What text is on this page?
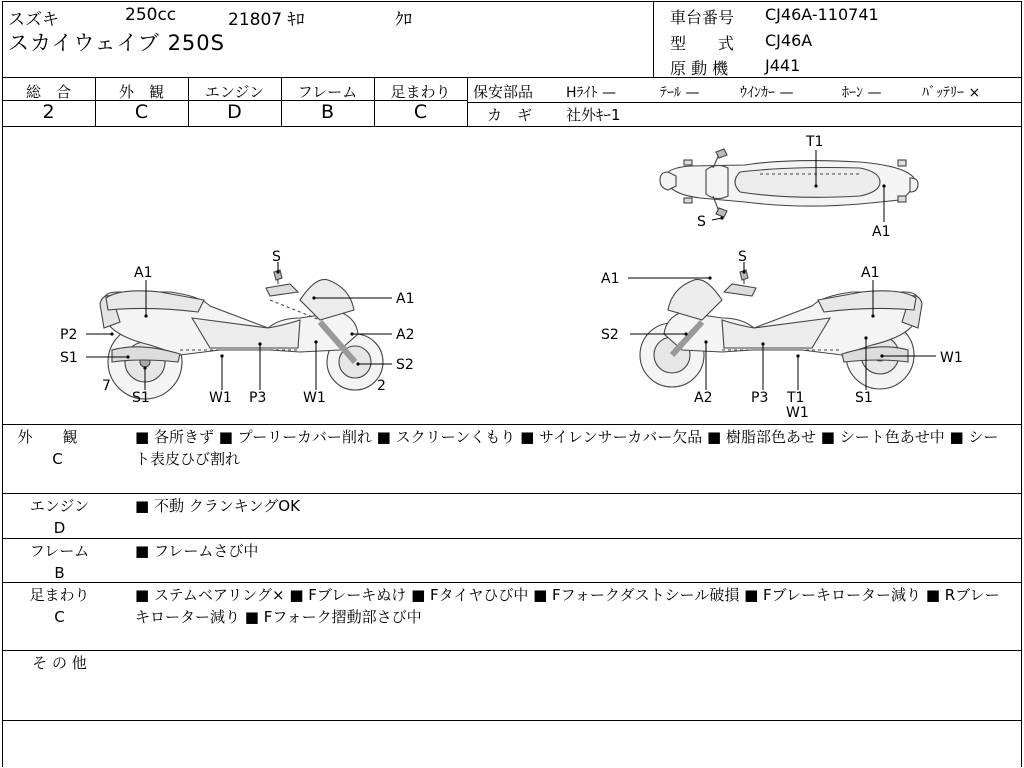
スズキ	250cc	21807 ｷﾛ	ｸﾛ
スカイウェイブ 250S
車台番号 CJ46A-110741
型　　式 CJ46A
原 動 機 J441
総　合
2
外　観
C
エンジン
D
フレーム
B
足まわり
C
保安部品 Hﾗｲﾄ —	ﾃｰﾙ —	ｳｲﾝｶｰ —	ﾎｰﾝ —	ﾊﾞｯﾃﾘｰ ×
カ　ギ 社外ｷｰ1
T1
S
A1
A1
S
A1
P2	A2
S1	S2
7	2
S1	W1 P3	W1
A1
S
A1
S2
W1
A2	P3 T1
W1
S1
外　　観
C
■ 各所きず ■ プーリーカバー削れ ■ スクリーンくもり ■ サイレンサーカバー欠品 ■ 樹脂部色あせ ■ シート色あせ中 ■ シート表皮ひび割れ
エンジン
D
■ 不動 クランキングOK
フレーム
B
■ フレームさび中
足まわり
C
■ ステムベアリング× ■ Fブレーキぬけ ■ Fタイヤひび中 ■ Fフォークダストシール破損 ■ Fブレーキローター減り ■ Rブレーキローター減り ■ Fフォーク摺動部さび中
そ の 他
